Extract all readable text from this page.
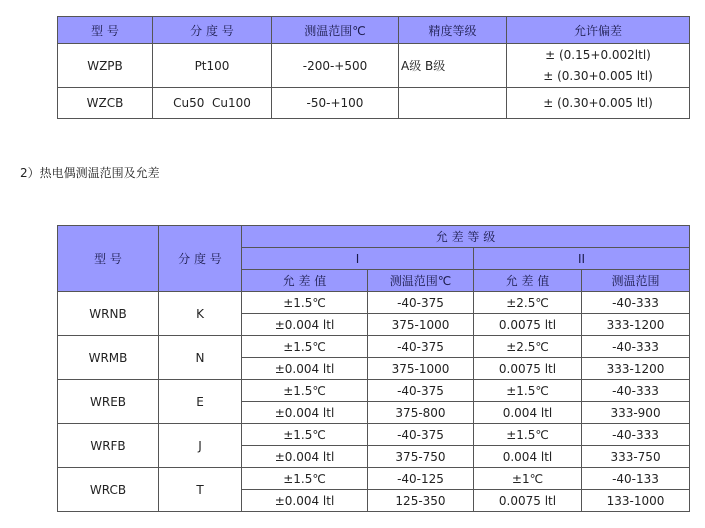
型 号	分 度 号	测温范围℃	精度等级	允许偏差
WZPB	Pt100	-200-+500	A级 B级	± (0.15+0.002ltl)
± (0.30+0.005 ltl)

WZCB	Cu50  Cu100	-50-+100		± (0.30+0.005 ltl)
2）热电偶测温范围及允差
型 号	分 度 号	允 差 等 级			
		I		II	
		允 差 值	测温范围℃	允 差 值	测温范围
WRNB	K	±1.5℃	-40-375	±2.5℃	-40-333
		±0.004 ltl	375-1000	0.0075 ltl	333-1200
WRMB	N	±1.5℃	-40-375	±2.5℃	-40-333
		±0.004 ltl	375-1000	0.0075 ltl	333-1200
WREB	E	±1.5℃	-40-375	±1.5℃	-40-333
		±0.004 ltl	375-800	0.004 ltl	333-900
WRFB	J	±1.5℃	-40-375	±1.5℃	-40-333
		±0.004 ltl	375-750	0.004 ltl	333-750
WRCB	T	±1.5℃	-40-125	±1℃	-40-133
		±0.004 ltl	125-350	0.0075 ltl	133-1000
